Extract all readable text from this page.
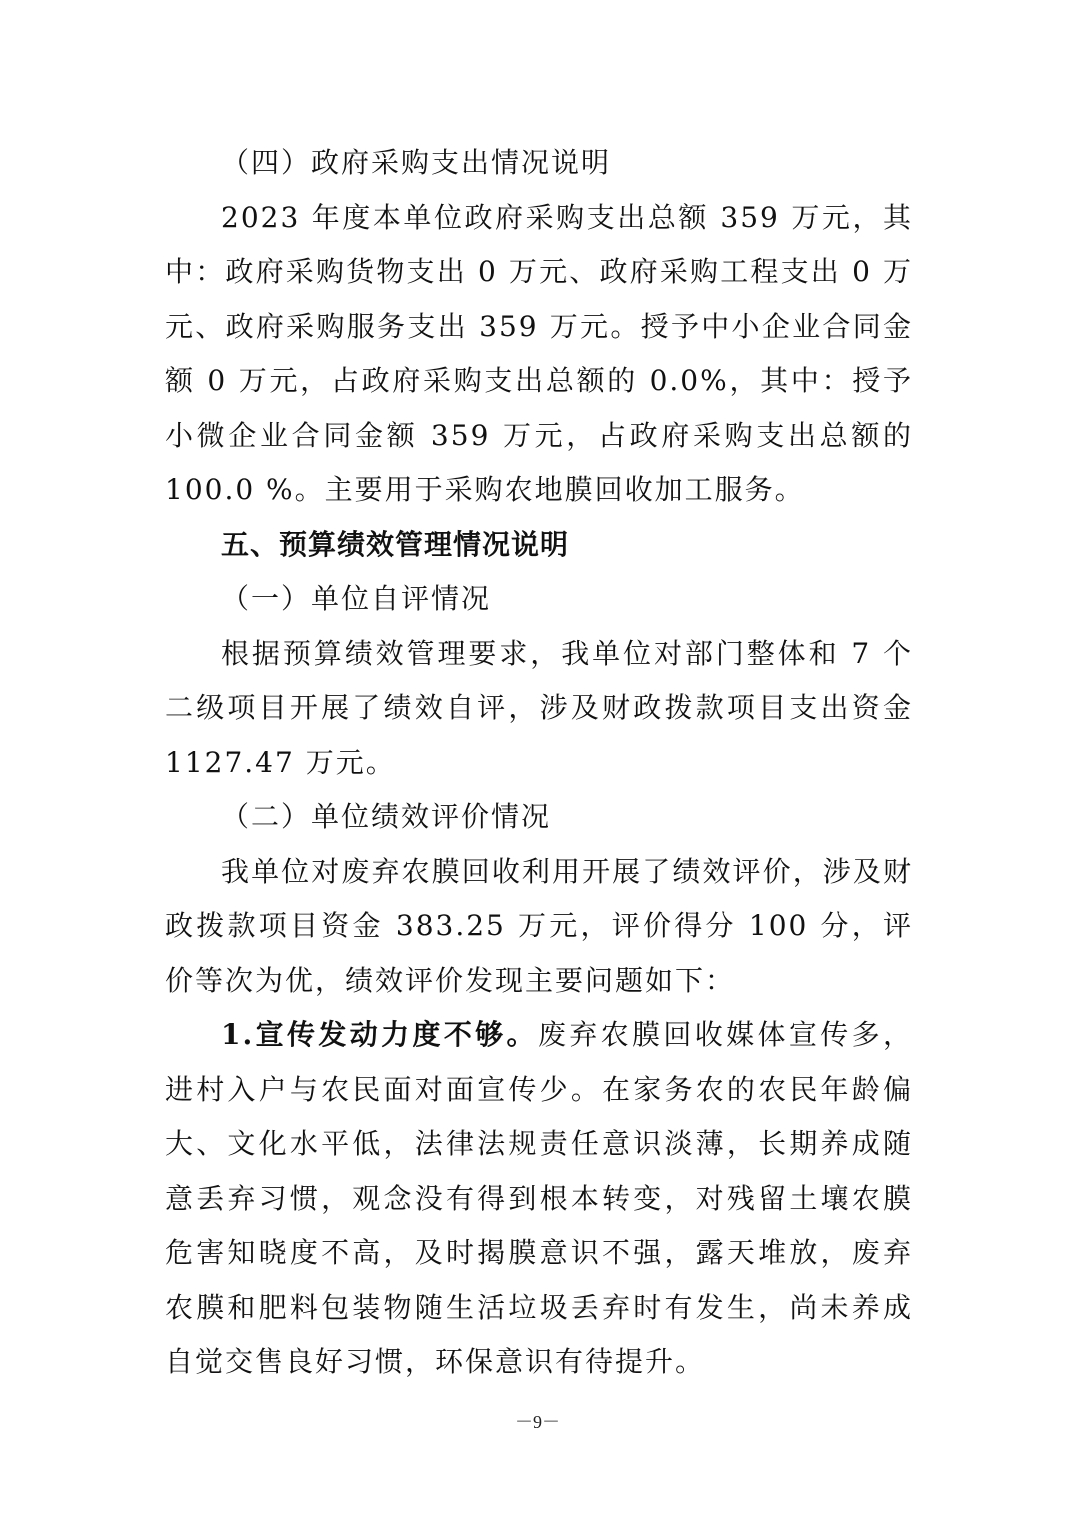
（四）政府采购支出情况说明

2023 年度本单位政府采购支出总额 359 万元，其中：政府采购货物支出 0 万元、政府采购工程支出 0 万元、政府采购服务支出 359 万元。授予中小企业合同金额 0 万元，占政府采购支出总额的 0.0%，其中：授予小微企业合同金额 359 万元，占政府采购支出总额的 100.0 %。主要用于采购农地膜回收加工服务。

五、预算绩效管理情况说明

（一）单位自评情况

根据预算绩效管理要求，我单位对部门整体和 7 个二级项目开展了绩效自评，涉及财政拨款项目支出资金 1127.47 万元。

（二）单位绩效评价情况

我单位对废弃农膜回收利用开展了绩效评价，涉及财政拨款项目资金 383.25 万元，评价得分 100 分，评价等次为优，绩效评价发现主要问题如下：

1.宣传发动力度不够。废弃农膜回收媒体宣传多，进村入户与农民面对面宣传少。在家务农的农民年龄偏大、文化水平低，法律法规责任意识淡薄，长期养成随意丢弃习惯，观念没有得到根本转变，对残留土壤农膜危害知晓度不高，及时揭膜意识不强，露天堆放，废弃农膜和肥料包装物随生活垃圾丢弃时有发生，尚未养成自觉交售良好习惯，环保意识有待提升。

－9－
